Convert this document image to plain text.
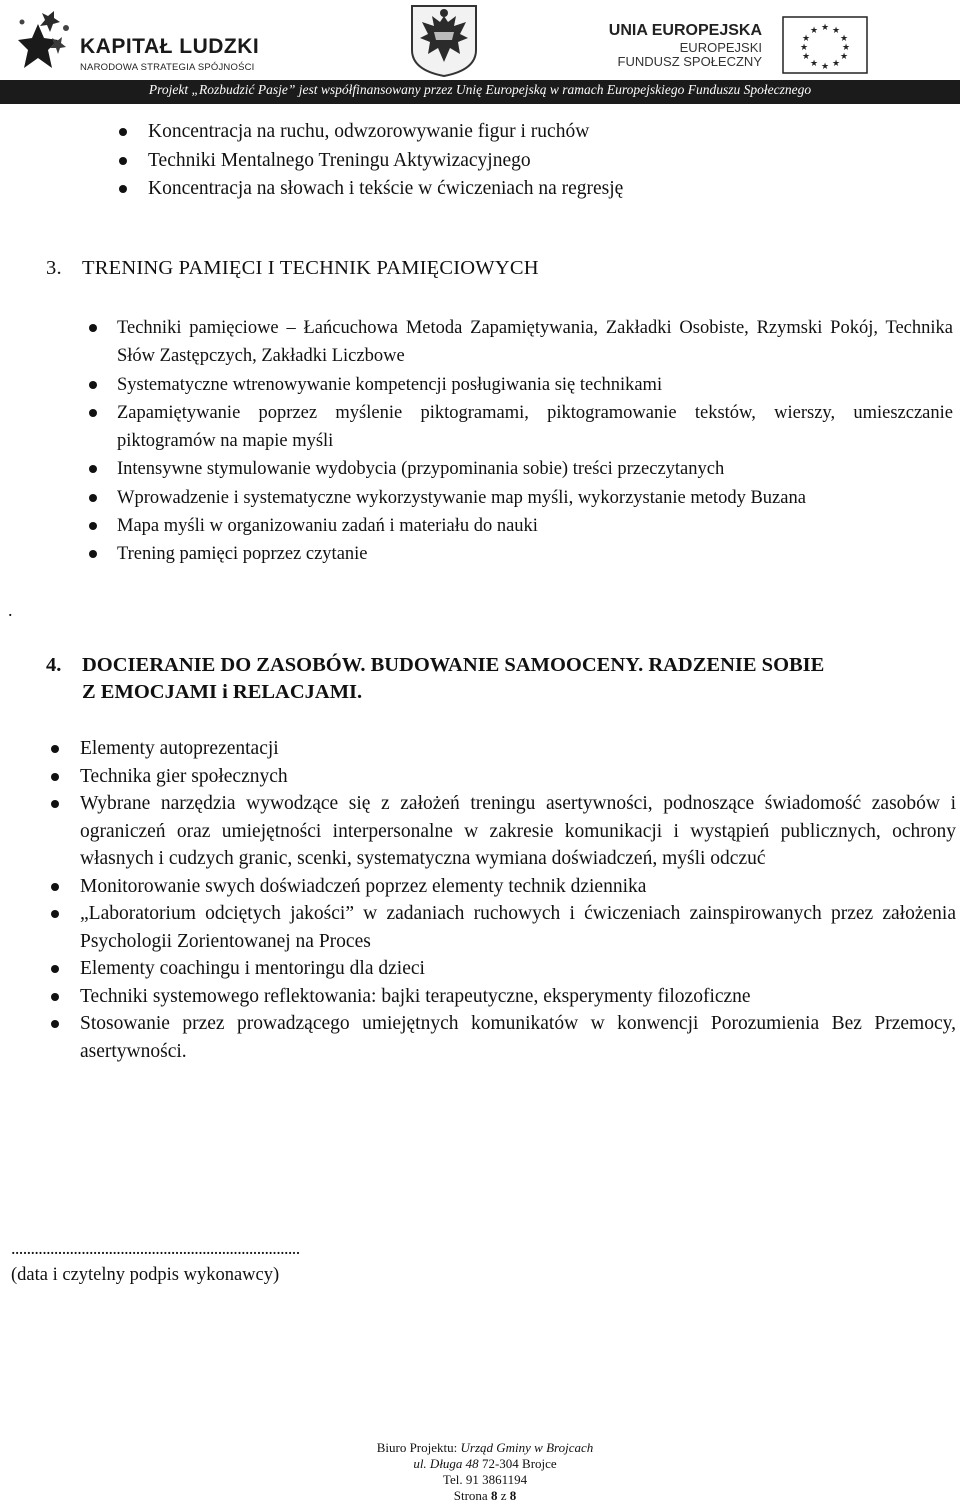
KAPITAŁ LUDZKI
NARODOWA STRATEGIA SPÓJNOŚCI
UNIA EUROPEJSKA
EUROPEJSKI
FUNDUSZ SPOŁECZNY
★ ★
★
★
★
★
★
★
★
★
★
★
Projekt „Rozbudzić Pasje” jest współfinansowany przez Unię Europejską w ramach Europejskiego Funduszu Społecznego
Koncentracja na ruchu, odwzorowywanie figur i ruchów
Techniki Mentalnego Treningu Aktywizacyjnego
Koncentracja na słowach i tekście w ćwiczeniach na regresję
3. TRENING PAMIĘCI I TECHNIK PAMIĘCIOWYCH
Techniki pamięciowe – Łańcuchowa Metoda Zapamiętywania, Zakładki Osobiste, Rzymski Pokój, Technika Słów Zastępczych, Zakładki Liczbowe
Systematyczne wtrenowywanie kompetencji posługiwania się technikami
Zapamiętywanie poprzez myślenie piktogramami, piktogramowanie tekstów, wierszy, umieszczanie piktogramów na mapie myśli
Intensywne stymulowanie wydobycia (przypominania sobie) treści przeczytanych
Wprowadzenie i systematyczne wykorzystywanie map myśli, wykorzystanie metody Buzana
Mapa myśli w organizowaniu zadań i materiału do nauki
Trening pamięci poprzez czytanie
.
4. DOCIERANIE DO ZASOBÓW. BUDOWANIE SAMOOCENY. RADZENIE SOBIE
Z EMOCJAMI i RELACJAMI.
Elementy autoprezentacji
Technika gier społecznych
Wybrane narzędzia wywodzące się z założeń treningu asertywności, podnoszące świadomość zasobów i ograniczeń oraz umiejętności interpersonalne w zakresie komunikacji i wystąpień publicznych, ochrony własnych i cudzych granic, scenki, systematyczna wymiana doświadczeń, myśli odczuć
Monitorowanie swych doświadczeń poprzez elementy technik dziennika
„Laboratorium odciętych jakości” w zadaniach ruchowych i ćwiczeniach zainspirowanych przez założenia Psychologii Zorientowanej na Proces
Elementy coachingu i mentoringu dla dzieci
Techniki systemowego reflektowania: bajki terapeutyczne, eksperymenty filozoficzne
Stosowanie przez prowadzącego umiejętnych komunikatów w konwencji Porozumienia Bez Przemocy, asertywności.
..........................................................................
(data i czytelny podpis wykonawcy)
Biuro Projektu: Urząd Gminy w Brojcach
ul. Długa 48 72-304 Brojce
Tel. 91 3861194
Strona 8 z 8
